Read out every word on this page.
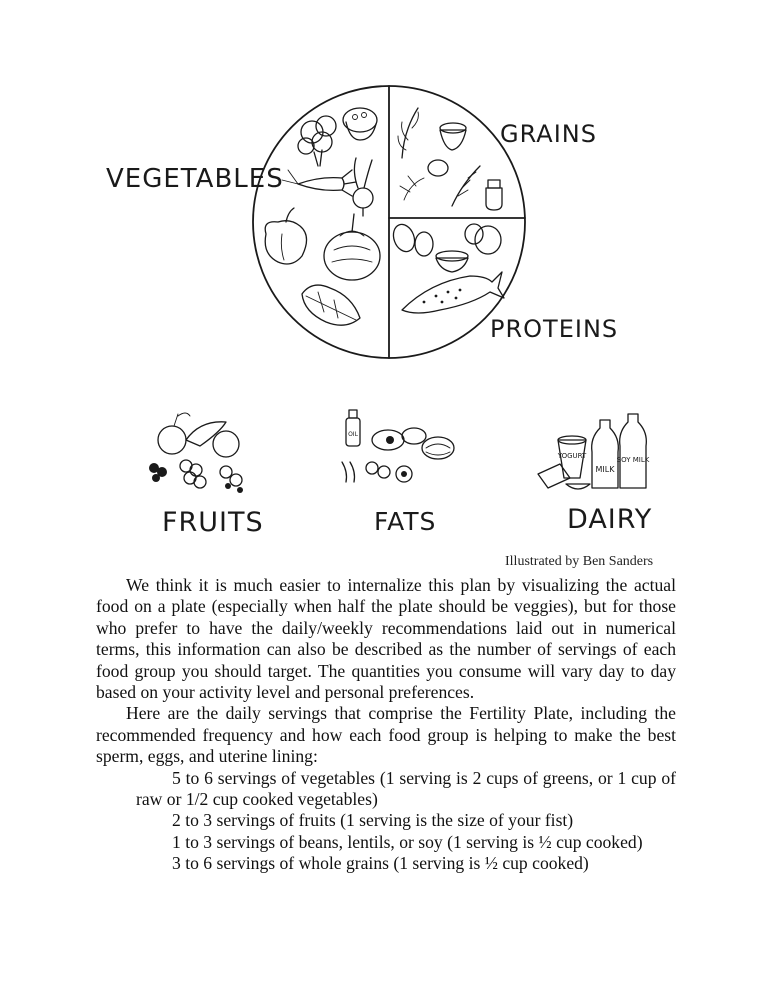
OIL
YOGURT
MILK
SOY MILK
VEGETABLES
GRAINS
PROTEINS
FRUITS	FATS	DAIRY
Illustrated by Ben Sanders

We think it is much easier to internalize this plan by visualizing the actual food on a plate (especially when half the plate should be veggies), but for those who prefer to have the daily/weekly recommendations laid out in numerical terms, this information can also be described as the number of servings of each food group you should target. The quantities you consume will vary day to day based on your activity level and personal preferences.

Here are the daily servings that comprise the Fertility Plate, including the recommended frequency and how each food group is helping to make the best sperm, eggs, and uterine lining:

5 to 6 servings of vegetables (1 serving is 2 cups of greens, or 1 cup of raw or 1/2 cup cooked vegetables)

2 to 3 servings of fruits (1 serving is the size of your fist)

1 to 3 servings of beans, lentils, or soy (1 serving is ½ cup cooked)

3 to 6 servings of whole grains (1 serving is ½ cup cooked)
